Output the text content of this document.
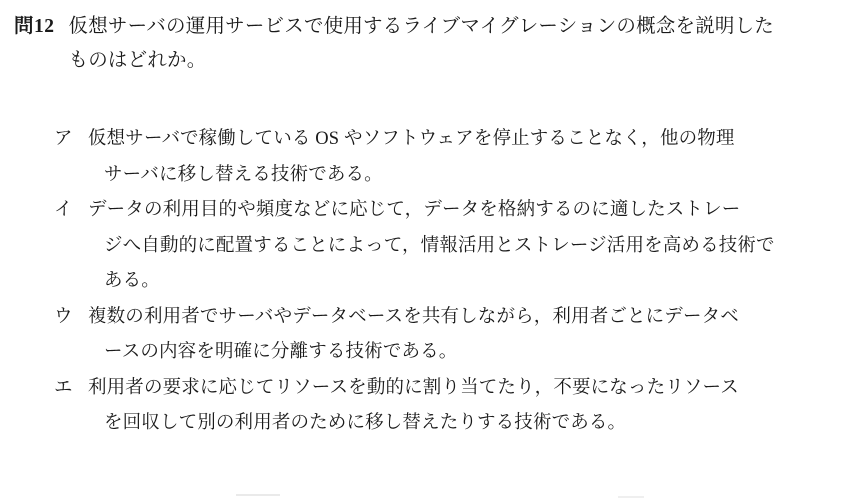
問12 仮想サーバの運用サービスで使用するライブマイグレーションの概念を説明した
ものはどれか。
ア 仮想サーバで稼働している OS やソフトウェアを停止することなく，他の物理
サーバに移し替える技術である。
イ データの利用目的や頻度などに応じて，データを格納するのに適したストレー
ジへ自動的に配置することによって，情報活用とストレージ活用を高める技術で
ある。
ウ 複数の利用者でサーバやデータベースを共有しながら，利用者ごとにデータベ
ースの内容を明確に分離する技術である。
エ 利用者の要求に応じてリソースを動的に割り当てたり，不要になったリソース
を回収して別の利用者のために移し替えたりする技術である。
